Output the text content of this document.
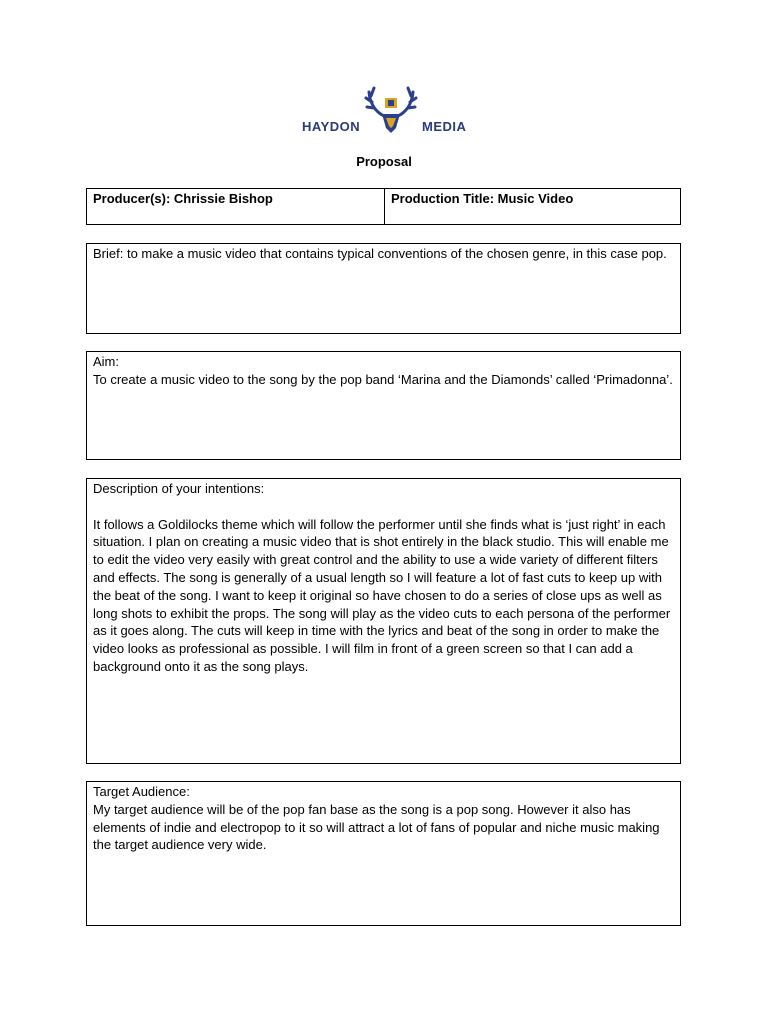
HAYDON	MEDIA
Proposal
Producer(s): Chrissie Bishop	Production Title: Music Video

Brief: to make a music video that contains typical conventions of the chosen genre, in this case pop.

Aim:

To create a music video to the song by the pop band ‘Marina and the Diamonds’ called ‘Primadonna’.

Description of your intentions:

It follows a Goldilocks theme which will follow the performer until she finds what is ‘just right’ in each situation. I plan on creating a music video that is shot entirely in the black studio. This will enable me to edit the video very easily with great control and the ability to use a wide variety of different filters and effects. The song is generally of a usual length so I will feature a lot of fast cuts to keep up with the beat of the song. I want to keep it original so have chosen to do a series of close ups as well as long shots to exhibit the props. The song will play as the video cuts to each persona of the performer as it goes along. The cuts will keep in time with the lyrics and beat of the song in order to make the video looks as professional as possible. I will film in front of a green screen so that I can add a background onto it as the song plays.

Target Audience:

My target audience will be of the pop fan base as the song is a pop song. However it also has elements of indie and electropop to it so will attract a lot of fans of popular and niche music making the target audience very wide.
